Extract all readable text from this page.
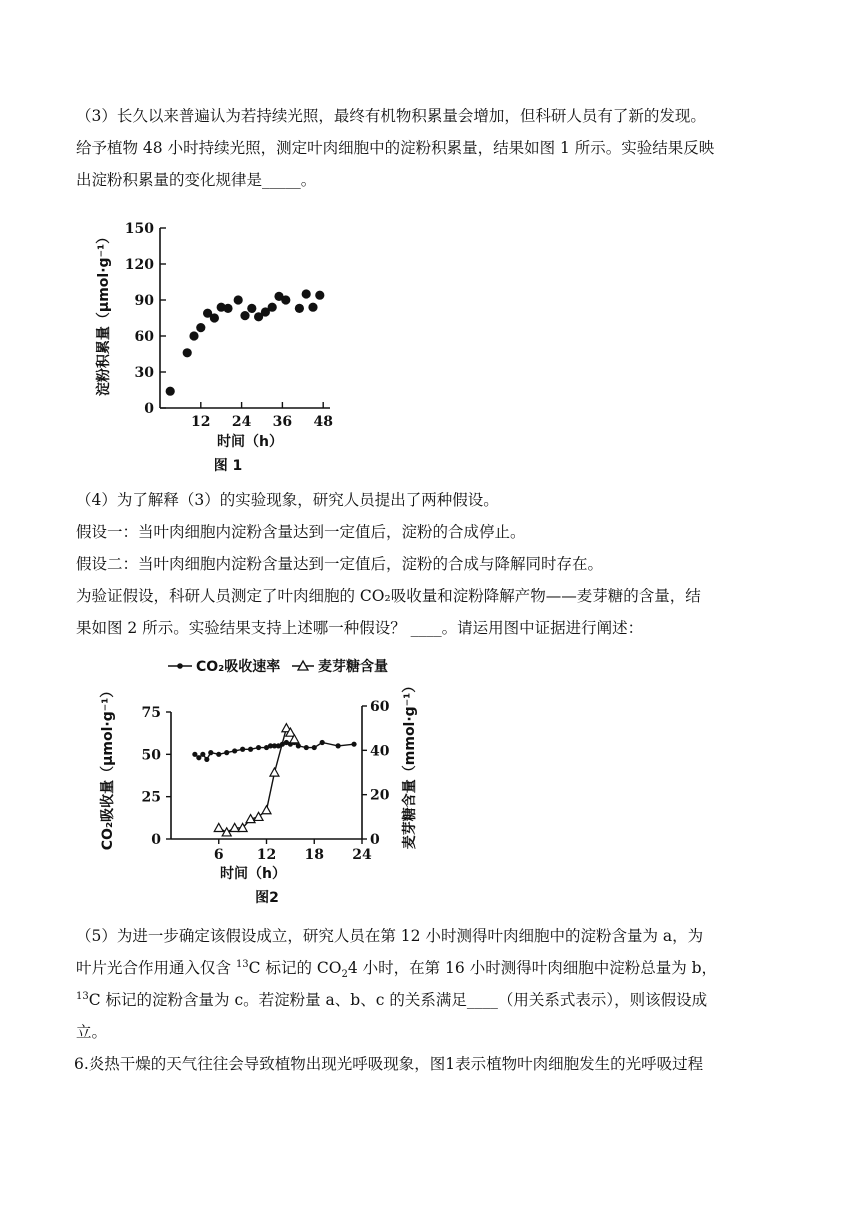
（3）长久以来普遍认为若持续光照，最终有机物积累量会增加，但科研人员有了新的发现。
给予植物 48 小时持续光照，测定叶肉细胞中的淀粉积累量，结果如图 1 所示。实验结果反映
出淀粉积累量的变化规律是_____。
淀粉积累量（μmol·g⁻¹）
0
30
60
90
120
150
12 24 36 48
时间（h）
图 1
（4）为了解释（3）的实验现象，研究人员提出了两种假设。
假设一：当叶肉细胞内淀粉含量达到一定值后，淀粉的合成停止。
假设二：当叶肉细胞内淀粉含量达到一定值后，淀粉的合成与降解同时存在。
为验证假设，科研人员测定了叶肉细胞的 CO₂吸收量和淀粉降解产物——麦芽糖的含量，结
果如图 2 所示。实验结果支持上述哪一种假设？ ____。请运用图中证据进行阐述：
CO₂吸收速率	麦芽糖含量
CO₂吸收量（μmol·g⁻¹）	麦芽糖含量（mmol·g⁻¹）
0
25
50
75
0
20
40
60
6 12 18 24
时间（h）
图2
（5）为进一步确定该假设成立，研究人员在第 12 小时测得叶肉细胞中的淀粉含量为 a，为
叶片光合作用通入仅含 $^{13}$C 标记的 $CO_24$ 小时，在第 16 小时测得叶肉细胞中淀粉总量为 b，
$^{13}$C 标记的淀粉含量为 c。若淀粉量 a、b、c 的关系满足____（用关系式表示），则该假设成
立。
6.炎热干燥的天气往往会导致植物出现光呼吸现象，图1表示植物叶肉细胞发生的光呼吸过程
